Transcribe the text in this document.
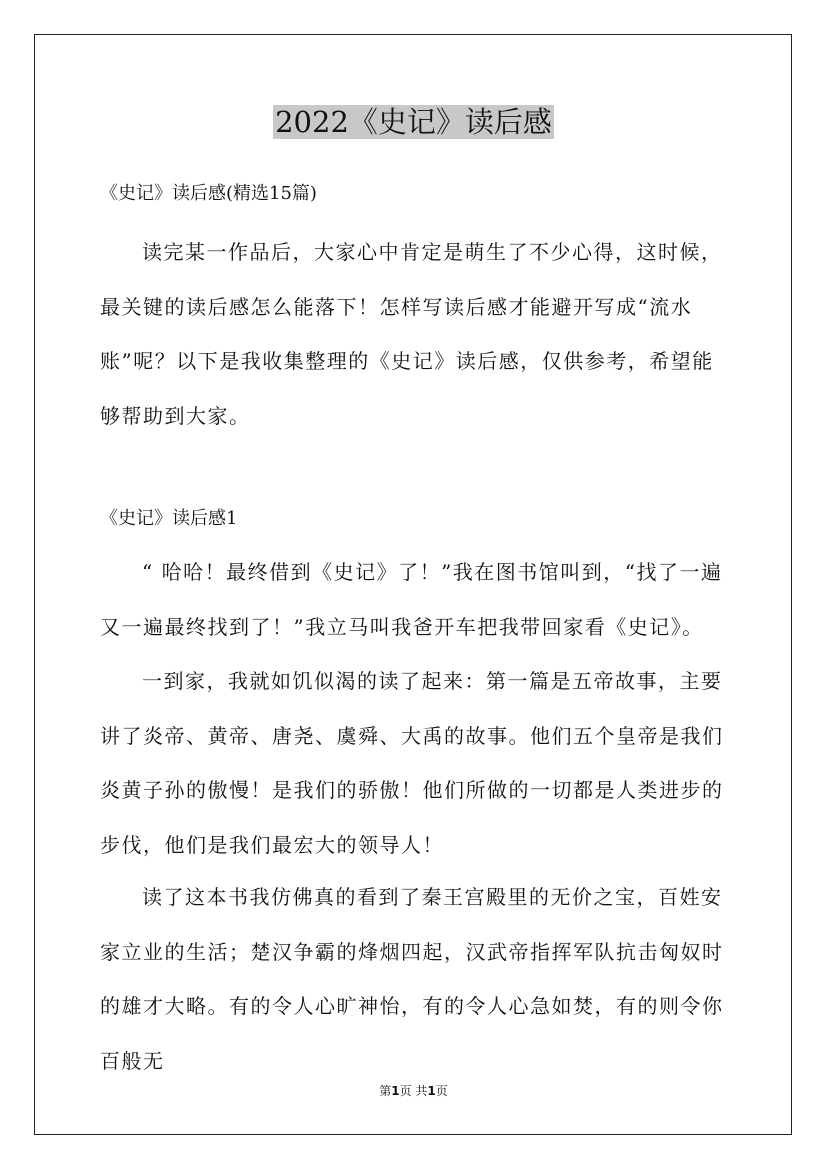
2022《史记》读后感

《史记》读后感(精选15篇)

读完某一作品后，大家心中肯定是萌生了不少心得，这时候，最关键的读后感怎么能落下！怎样写读后感才能避开写成“流水账”呢？以下是我收集整理的《史记》读后感，仅供参考，希望能够帮助到大家。

《史记》读后感1

“ 哈哈！最终借到《史记》了！”我在图书馆叫到，“找了一遍又一遍最终找到了！”我立马叫我爸开车把我带回家看《史记》。

一到家，我就如饥似渴的读了起来：第一篇是五帝故事，主要讲了炎帝、黄帝、唐尧、虞舜、大禹的故事。他们五个皇帝是我们炎黄子孙的傲慢！是我们的骄傲！他们所做的一切都是人类进步的步伐，他们是我们最宏大的领导人！

读了这本书我仿佛真的看到了秦王宫殿里的无价之宝，百姓安家立业的生活；楚汉争霸的烽烟四起，汉武帝指挥军队抗击匈奴时的雄才大略。有的令人心旷神怡，有的令人心急如焚，有的则令你百般无

第1页 共1页
